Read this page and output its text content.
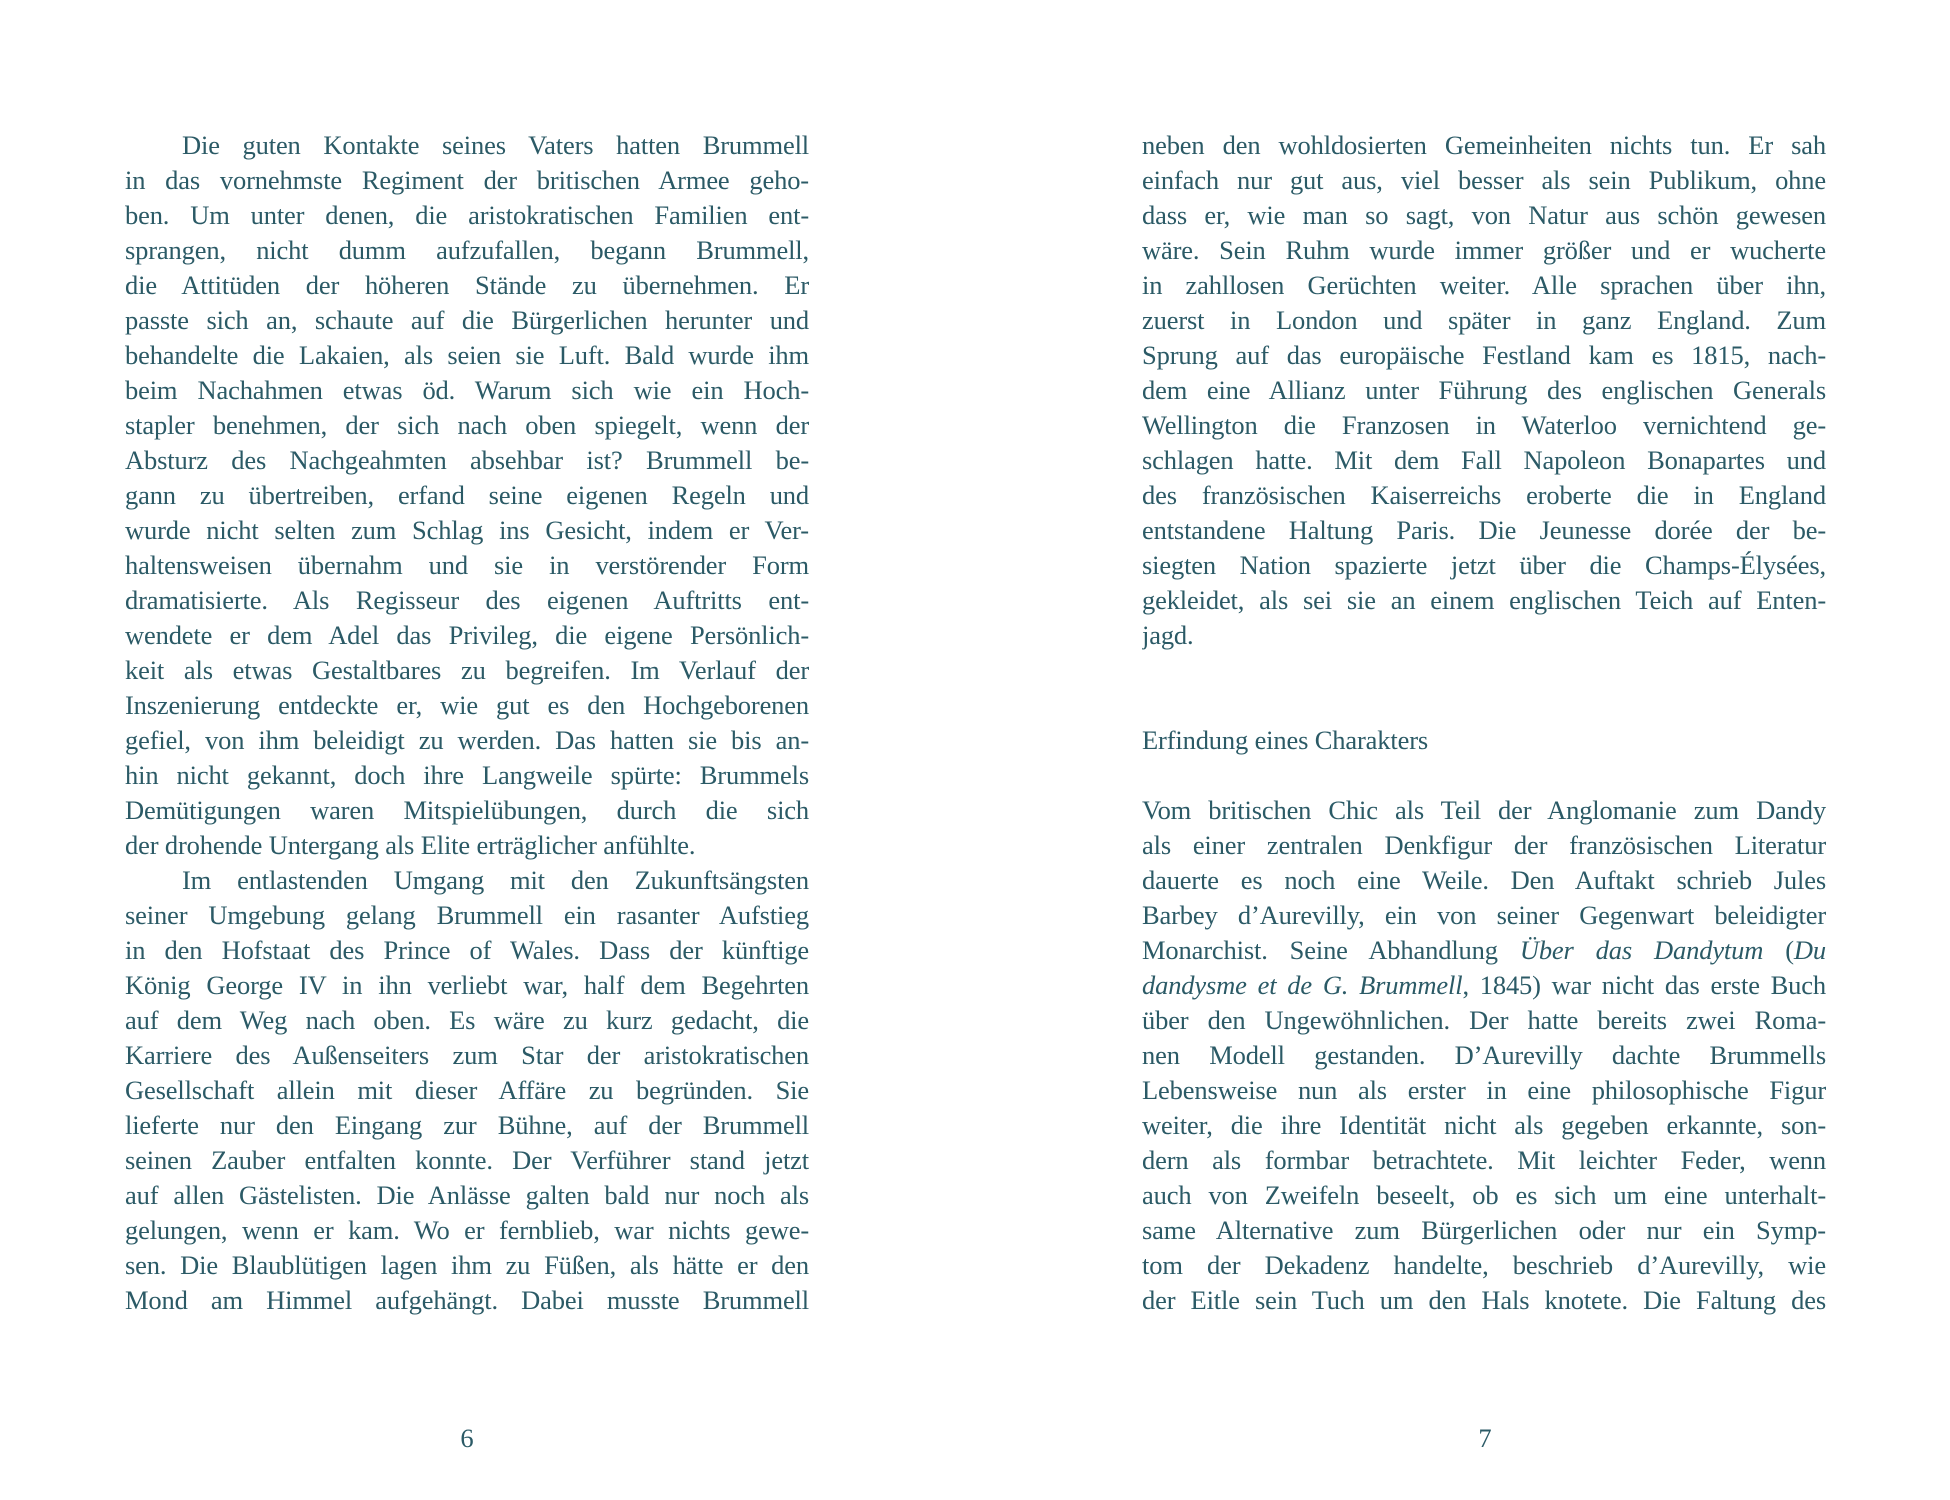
Die guten Kontakte seines Vaters hatten Brummell
in das vornehmste Regiment der britischen Armee geho-
ben. Um unter denen, die aristokratischen Familien ent-
sprangen, nicht dumm aufzufallen, begann Brummell,
die Attitüden der höheren Stände zu übernehmen. Er
passte sich an, schaute auf die Bürgerlichen herunter und
behandelte die Lakaien, als seien sie Luft. Bald wurde ihm
beim Nachahmen etwas öd. Warum sich wie ein Hoch-
stapler benehmen, der sich nach oben spiegelt, wenn der
Absturz des Nachgeahmten absehbar ist? Brummell be-
gann zu übertreiben, erfand seine eigenen Regeln und
wurde nicht selten zum Schlag ins Gesicht, indem er Ver-
haltensweisen übernahm und sie in verstörender Form
dramatisierte. Als Regisseur des eigenen Auftritts ent-
wendete er dem Adel das Privileg, die eigene Persönlich-
keit als etwas Gestaltbares zu begreifen. Im Verlauf der
Inszenierung entdeckte er, wie gut es den Hochgeborenen
gefiel, von ihm beleidigt zu werden. Das hatten sie bis an-
hin nicht gekannt, doch ihre Langweile spürte: Brummels
Demütigungen waren Mitspielübungen, durch die sich
der drohende Untergang als Elite erträglicher anfühlte.
Im entlastenden Umgang mit den Zukunftsängsten
seiner Umgebung gelang Brummell ein rasanter Aufstieg
in den Hofstaat des Prince of Wales. Dass der künftige
König George IV in ihn verliebt war, half dem Begehrten
auf dem Weg nach oben. Es wäre zu kurz gedacht, die
Karriere des Außenseiters zum Star der aristokratischen
Gesellschaft allein mit dieser Affäre zu begründen. Sie
lieferte nur den Eingang zur Bühne, auf der Brummell
seinen Zauber entfalten konnte. Der Verführer stand jetzt
auf allen Gästelisten. Die Anlässe galten bald nur noch als
gelungen, wenn er kam. Wo er fernblieb, war nichts gewe-
sen. Die Blaublütigen lagen ihm zu Füßen, als hätte er den
Mond am Himmel aufgehängt. Dabei musste Brummell
6
neben den wohldosierten Gemeinheiten nichts tun. Er sah
einfach nur gut aus, viel besser als sein Publikum, ohne
dass er, wie man so sagt, von Natur aus schön gewesen
wäre. Sein Ruhm wurde immer größer und er wucherte
in zahllosen Gerüchten weiter. Alle sprachen über ihn,
zuerst in London und später in ganz England. Zum
Sprung auf das europäische Festland kam es 1815, nach-
dem eine Allianz unter Führung des englischen Generals
Wellington die Franzosen in Waterloo vernichtend ge-
schlagen hatte. Mit dem Fall Napoleon Bonapartes und
des französischen Kaiserreichs eroberte die in England
entstandene Haltung Paris. Die Jeunesse dorée der be-
siegten Nation spazierte jetzt über die Champs-Élysées,
gekleidet, als sei sie an einem englischen Teich auf Enten-
jagd.
Erfindung eines Charakters
Vom britischen Chic als Teil der Anglomanie zum Dandy
als einer zentralen Denkfigur der französischen Literatur
dauerte es noch eine Weile. Den Auftakt schrieb Jules
Barbey d’Aurevilly, ein von seiner Gegenwart beleidigter
Monarchist. Seine Abhandlung Über das Dandytum (Du
dandysme et de G. Brummell, 1845) war nicht das erste Buch
über den Ungewöhnlichen. Der hatte bereits zwei Roma-
nen Modell gestanden. D’Aurevilly dachte Brummells
Lebensweise nun als erster in eine philosophische Figur
weiter, die ihre Identität nicht als gegeben erkannte, son-
dern als formbar betrachtete. Mit leichter Feder, wenn
auch von Zweifeln beseelt, ob es sich um eine unterhalt-
same Alternative zum Bürgerlichen oder nur ein Symp-
tom der Dekadenz handelte, beschrieb d’Aurevilly, wie
der Eitle sein Tuch um den Hals knotete. Die Faltung des
7
